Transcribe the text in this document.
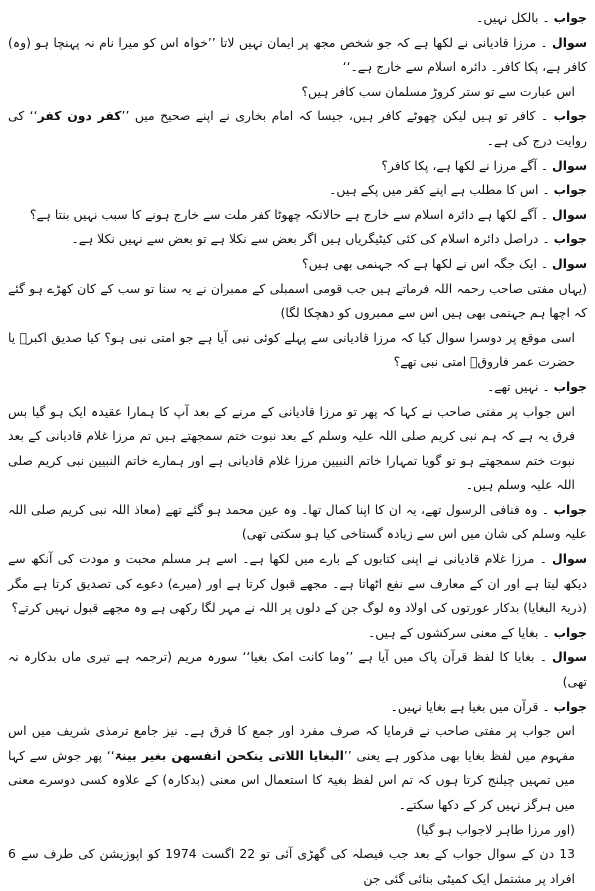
جواب ۔ بالکل نہیں۔

سوال ۔ مرزا قادیانی نے لکھا ہے کہ جو شخص مجھ پر ایمان نہیں لاتا ’’خواہ اس کو میرا نام نہ پہنچا ہو (وہ) کافر ہے، پکا کافر۔ دائرہ اسلام سے خارج ہے۔‘‘

اس عبارت سے تو ستر کروڑ مسلمان سب کافر ہیں؟

جواب ۔ کافر تو ہیں لیکن چھوٹے کافر ہیں، جیسا کہ امام بخاری نے اپنے صحیح میں ’’کفر دون کفر‘‘ کی روایت درج کی ہے۔

سوال ۔ آگے مرزا نے لکھا ہے، پکا کافر؟

جواب ۔ اس کا مطلب ہے اپنے کفر میں پکے ہیں۔

سوال ۔ آگے لکھا ہے دائرہ اسلام سے خارج ہے حالانکہ چھوٹا کفر ملت سے خارج ہونے کا سبب نہیں بنتا ہے؟

جواب ۔ دراصل دائرہ اسلام کی کئی کیٹیگریاں ہیں اگر بعض سے نکلا ہے تو بعض سے نہیں نکلا ہے۔

سوال ۔ ایک جگہ اس نے لکھا ہے کہ جہنمی بھی ہیں؟

(یہاں مفتی صاحب رحمہ اللہ فرماتے ہیں جب قومی اسمبلی کے ممبران نے یہ سنا تو سب کے کان کھڑے ہو گئے کہ اچھا ہم جہنمی بھی ہیں اس سے ممبروں کو دھچکا لگا)

اسی موقع پر دوسرا سوال کیا کہ مرزا قادیانی سے پہلے کوئی نبی آیا ہے جو امتی نبی ہو؟ کیا صدیق اکبرؓ یا حضرت عمر فاروقؓ امتی نبی تھے؟

جواب ۔ نہیں تھے۔

اس جواب پر مفتی صاحب نے کہا کہ پھر تو مرزا قادیانی کے مرنے کے بعد آپ کا ہمارا عقیدہ ایک ہو گیا بس فرق یہ ہے کہ ہم نبی کریم صلی اللہ علیہ وسلم کے بعد نبوت ختم سمجھتے ہیں تم مرزا غلام قادیانی کے بعد نبوت ختم سمجھتے ہو تو گویا تمہارا خاتم النبیین مرزا غلام قادیانی ہے اور ہمارے خاتم النبیین نبی کریم صلی اللہ علیہ وسلم ہیں۔

جواب ۔ وہ فنافی الرسول تھے، یہ ان کا اپنا کمال تھا۔ وہ عین محمد ہو گئے تھے (معاذ اللہ نبی کریم صلی اللہ علیہ وسلم کی شان میں اس سے زیادہ گستاخی کیا ہو سکتی تھی)

سوال ۔ مرزا غلام قادیانی نے اپنی کتابوں کے بارے میں لکھا ہے۔ اسے ہر مسلم محبت و مودت کی آنکھ سے دیکھ لیتا ہے اور ان کے معارف سے نفع اٹھاتا ہے۔ مجھے قبول کرتا ہے اور (میرے) دعوے کی تصدیق کرتا ہے مگر (ذریۃ البغایا) بدکار عورتوں کی اولاد وہ لوگ جن کے دلوں پر اللہ نے مہر لگا رکھی ہے وہ مجھے قبول نہیں کرتے؟

جواب ۔ بغایا کے معنی سرکشوں کے ہیں۔

سوال ۔ بغایا کا لفظ قرآن پاک میں آیا ہے ’’وما کانت امک بغیا‘‘ سورہ مریم (ترجمہ ہے تیری ماں بدکارہ نہ تھی)

جواب ۔ قرآن میں بغیا ہے بغایا نہیں۔

اس جواب پر مفتی صاحب نے فرمایا کہ صرف مفرد اور جمع کا فرق ہے۔ نیز جامع ترمذی شریف میں اس مفہوم میں لفظ بغایا بھی مذکور ہے یعنی ’’البغایا اللاتی ینکحن انفسھن بغیر بینۃ‘‘ پھر جوش سے کہا میں تمہیں چیلنج کرتا ہوں کہ تم اس لفظ بغیۃ کا استعمال اس معنی (بدکارہ) کے علاوہ کسی دوسرے معنی میں ہرگز نہیں کر کے دکھا سکتے۔

(اور مرزا طاہر لاجواب ہو گیا)

13 دن کے سوال جواب کے بعد جب فیصلہ کی گھڑی آئی تو 22 اگست 1974 کو اپوزیشن کی طرف سے 6 افراد پر مشتمل ایک کمیٹی بنائی گئی جن
